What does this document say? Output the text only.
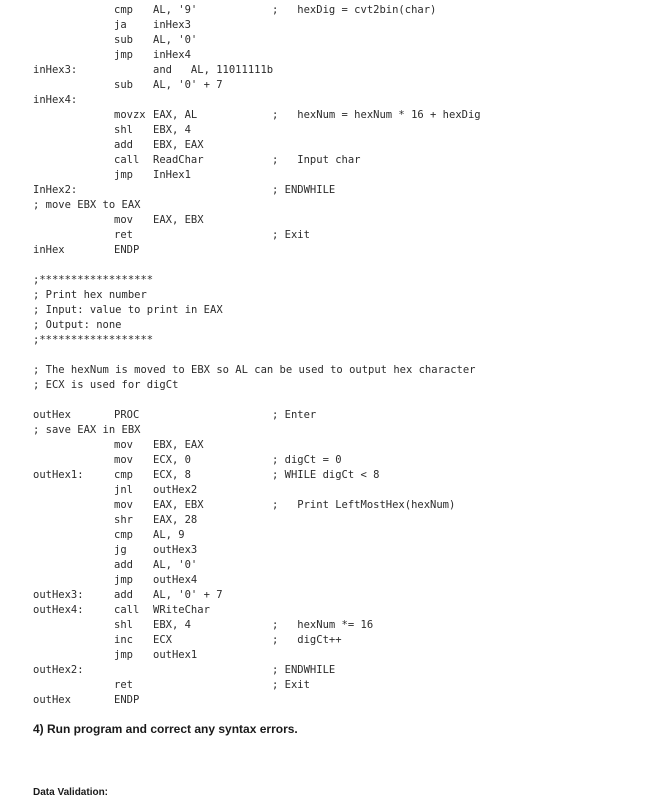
cmp AL, '9'	;   hexDig = cvt2bin(char)
ja	inHex3
sub AL, '0'
jmp inHex4
inHex3:	and   AL, 11011111b
sub AL, '0' + 7
inHex4:
movzx EAX, AL	;   hexNum = hexNum * 16 + hexDig
shl EBX, 4
add EBX, EAX
call ReadChar	;   Input char
jmp InHex1
InHex2:	; ENDWHILE
; move EBX to EAX
mov EAX, EBX
ret	; Exit
inHex	ENDP
;******************
; Print hex number
; Input: value to print in EAX
; Output: none
;******************
; The hexNum is moved to EBX so AL can be used to output hex character
; ECX is used for digCt
outHex	PROC	; Enter
; save EAX in EBX
mov EBX, EAX
mov ECX, 0	; digCt = 0
outHex1:	cmp ECX, 8	; WHILE digCt < 8
jnl outHex2
mov EAX, EBX	;   Print LeftMostHex(hexNum)
shr EAX, 28
cmp AL, 9
jg	outHex3
add AL, '0'
jmp outHex4
outHex3:	add AL, '0' + 7
outHex4:	call WRiteChar
shl EBX, 4	;   hexNum *= 16
inc ECX	;   digCt++
jmp outHex1
outHex2:	; ENDWHILE
ret	; Exit
outHex	ENDP
4) Run program and correct any syntax errors.
Data Validation:
